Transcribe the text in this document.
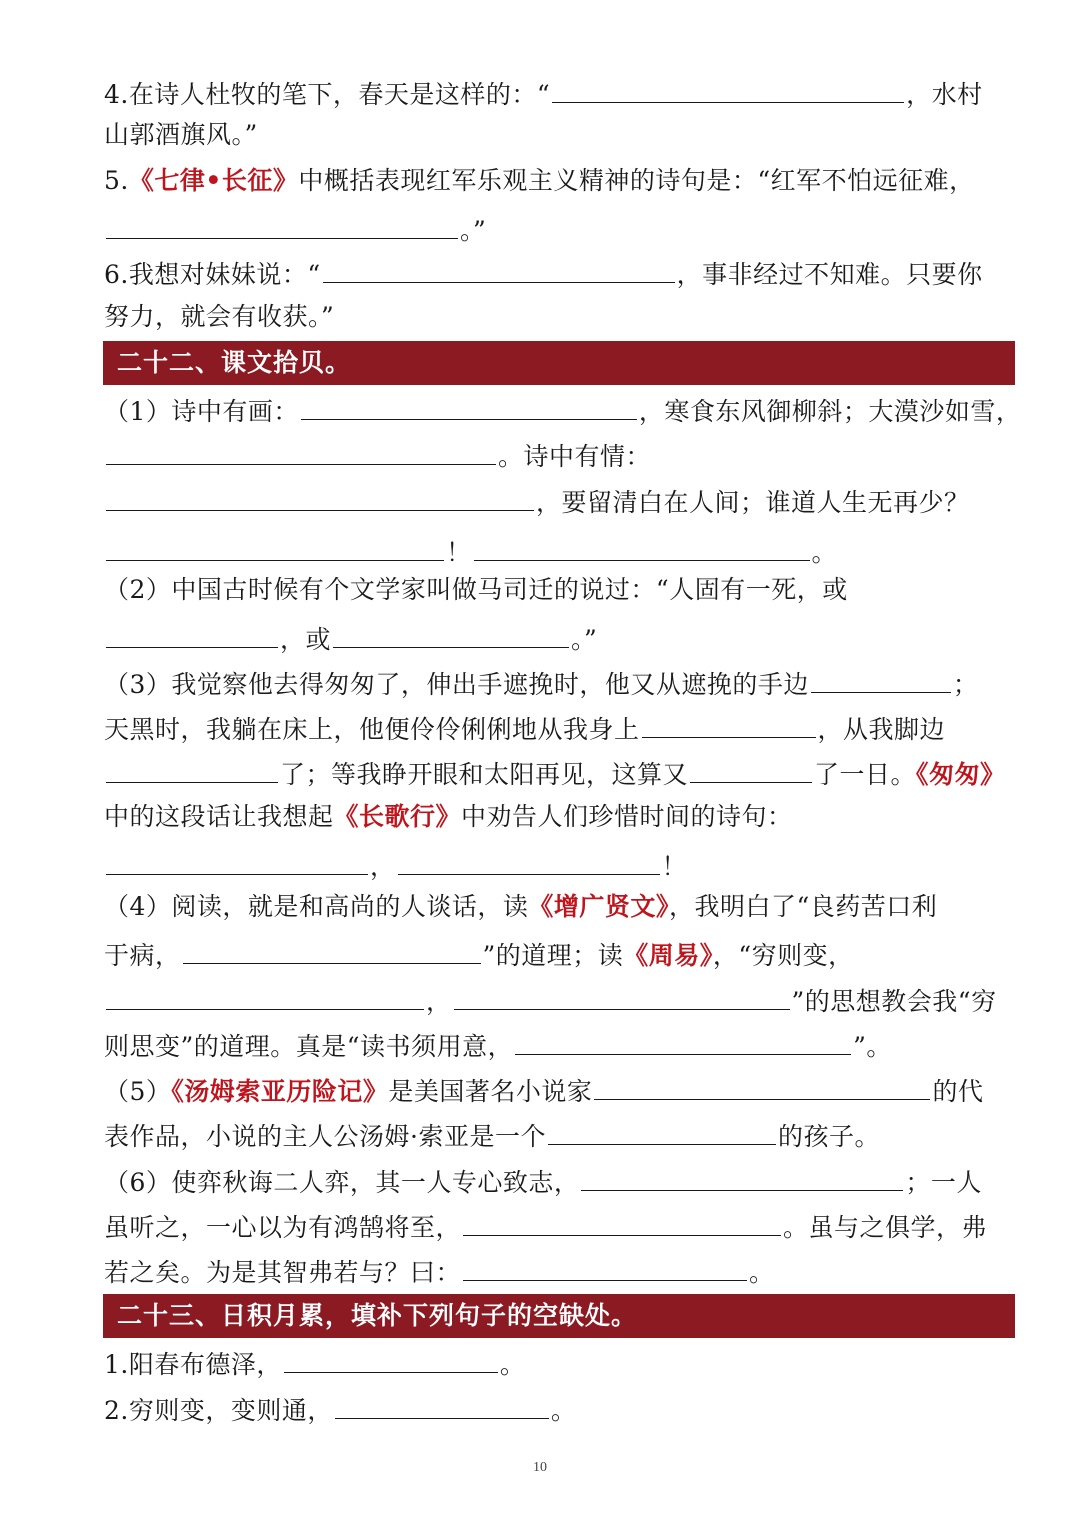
4.在诗人杜牧的笔下，春天是这样的：“	，水村
山郭酒旗风。”
5.《七律•长征》中概括表现红军乐观主义精神的诗句是：“红军不怕远征难，
。”
6.我想对妹妹说：“	，事非经过不知难。只要你
努力，就会有收获。”
二十二、课文拾贝。
（1）诗中有画：	，寒食东风御柳斜；大漠沙如雪，
。诗中有情：
，要留清白在人间；谁道人生无再少？
！	。
（2）中国古时候有个文学家叫做马司迁的说过：“人固有一死，或
，或	。”
（3）我觉察他去得匆匆了，伸出手遮挽时，他又从遮挽的手边	；
天黑时，我躺在床上，他便伶伶俐俐地从我身上	，从我脚边
了；等我睁开眼和太阳再见，这算又	了一日。《匆匆》
中的这段话让我想起《长歌行》中劝告人们珍惜时间的诗句：
，	！
（4）阅读，就是和高尚的人谈话，读《增广贤文》，我明白了“良药苦口利
于病，	”的道理；读《周易》，“穷则变，
，	”的思想教会我“穷
则思变”的道理。真是“读书须用意，	”。
（5）《汤姆索亚历险记》是美国著名小说家	的代
表作品，小说的主人公汤姆·索亚是一个	的孩子。
（6）使弈秋诲二人弈，其一人专心致志，	；一人
虽听之，一心以为有鸿鹄将至，	。虽与之俱学，弗
若之矣。为是其智弗若与？曰：	。
二十三、日积月累，填补下列句子的空缺处。
1.阳春布德泽，	。
2.穷则变，变则通，	。
10
